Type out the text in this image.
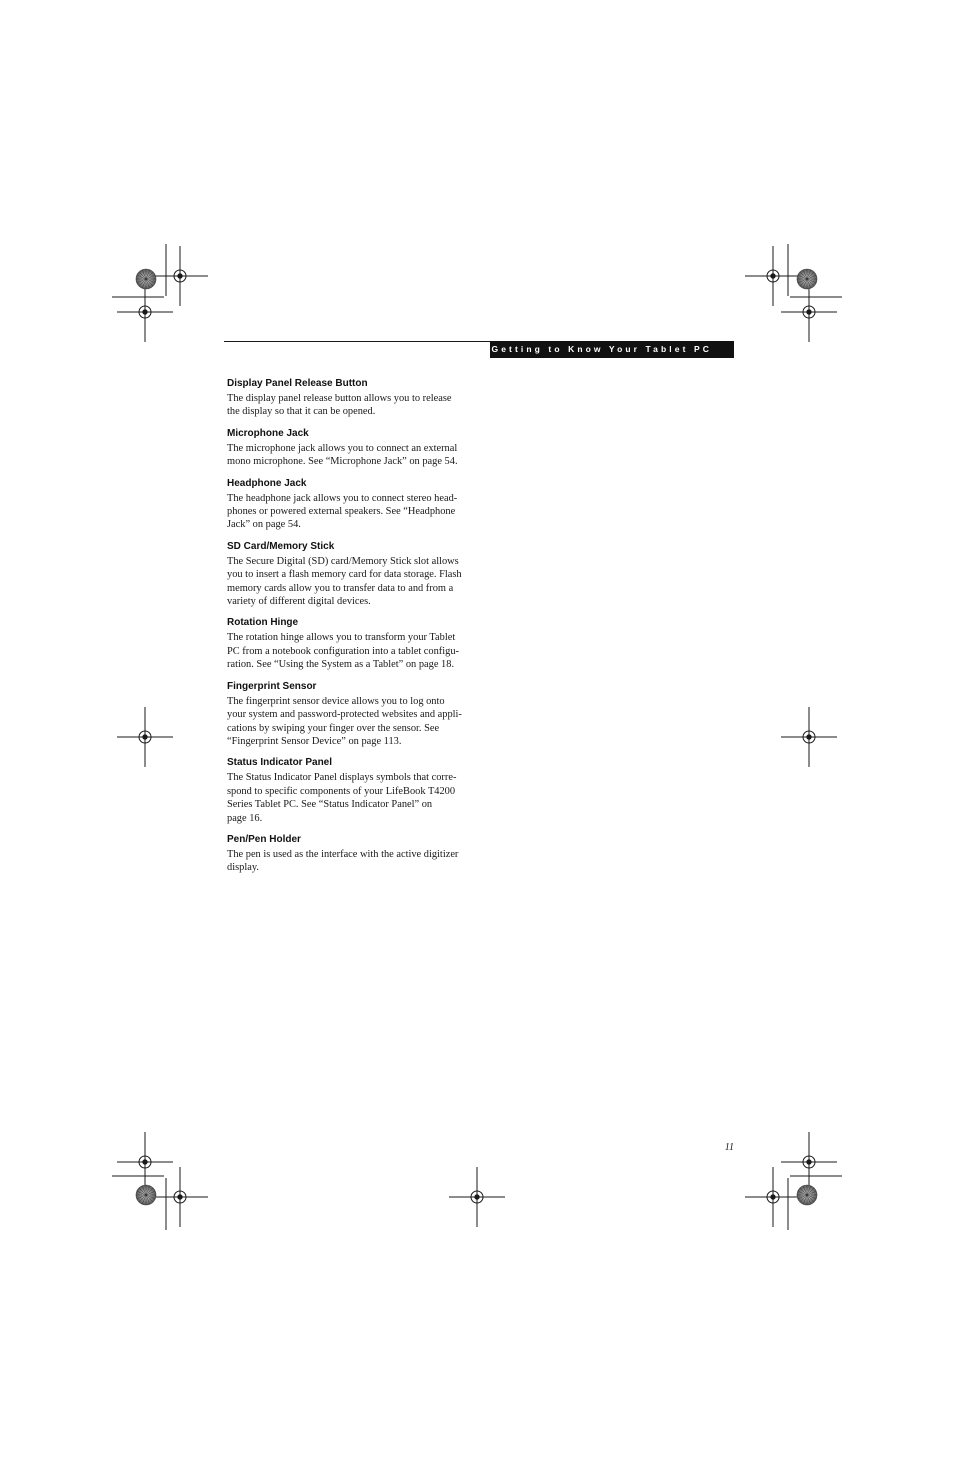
Getting to Know Your Tablet PC
Display Panel Release Button

The display panel release button allows you to release
the display so that it can be opened.

Microphone Jack

The microphone jack allows you to connect an external
mono microphone. See “Microphone Jack” on page 54.

Headphone Jack

The headphone jack allows you to connect stereo head-
phones or powered external speakers. See “Headphone
Jack” on page 54.

SD Card/Memory Stick

The Secure Digital (SD) card/Memory Stick slot allows
you to insert a flash memory card for data storage. Flash
memory cards allow you to transfer data to and from a
variety of different digital devices.

Rotation Hinge

The rotation hinge allows you to transform your Tablet
PC from a notebook configuration into a tablet configu-
ration. See “Using the System as a Tablet” on page 18.

Fingerprint Sensor

The fingerprint sensor device allows you to log onto
your system and password-protected websites and appli-
cations by swiping your finger over the sensor. See
“Fingerprint Sensor Device” on page 113.

Status Indicator Panel

The Status Indicator Panel displays symbols that corre-
spond to specific components of your LifeBook T4200
Series Tablet PC. See “Status Indicator Panel” on
page 16.

Pen/Pen Holder

The pen is used as the interface with the active digitizer
display.

11
